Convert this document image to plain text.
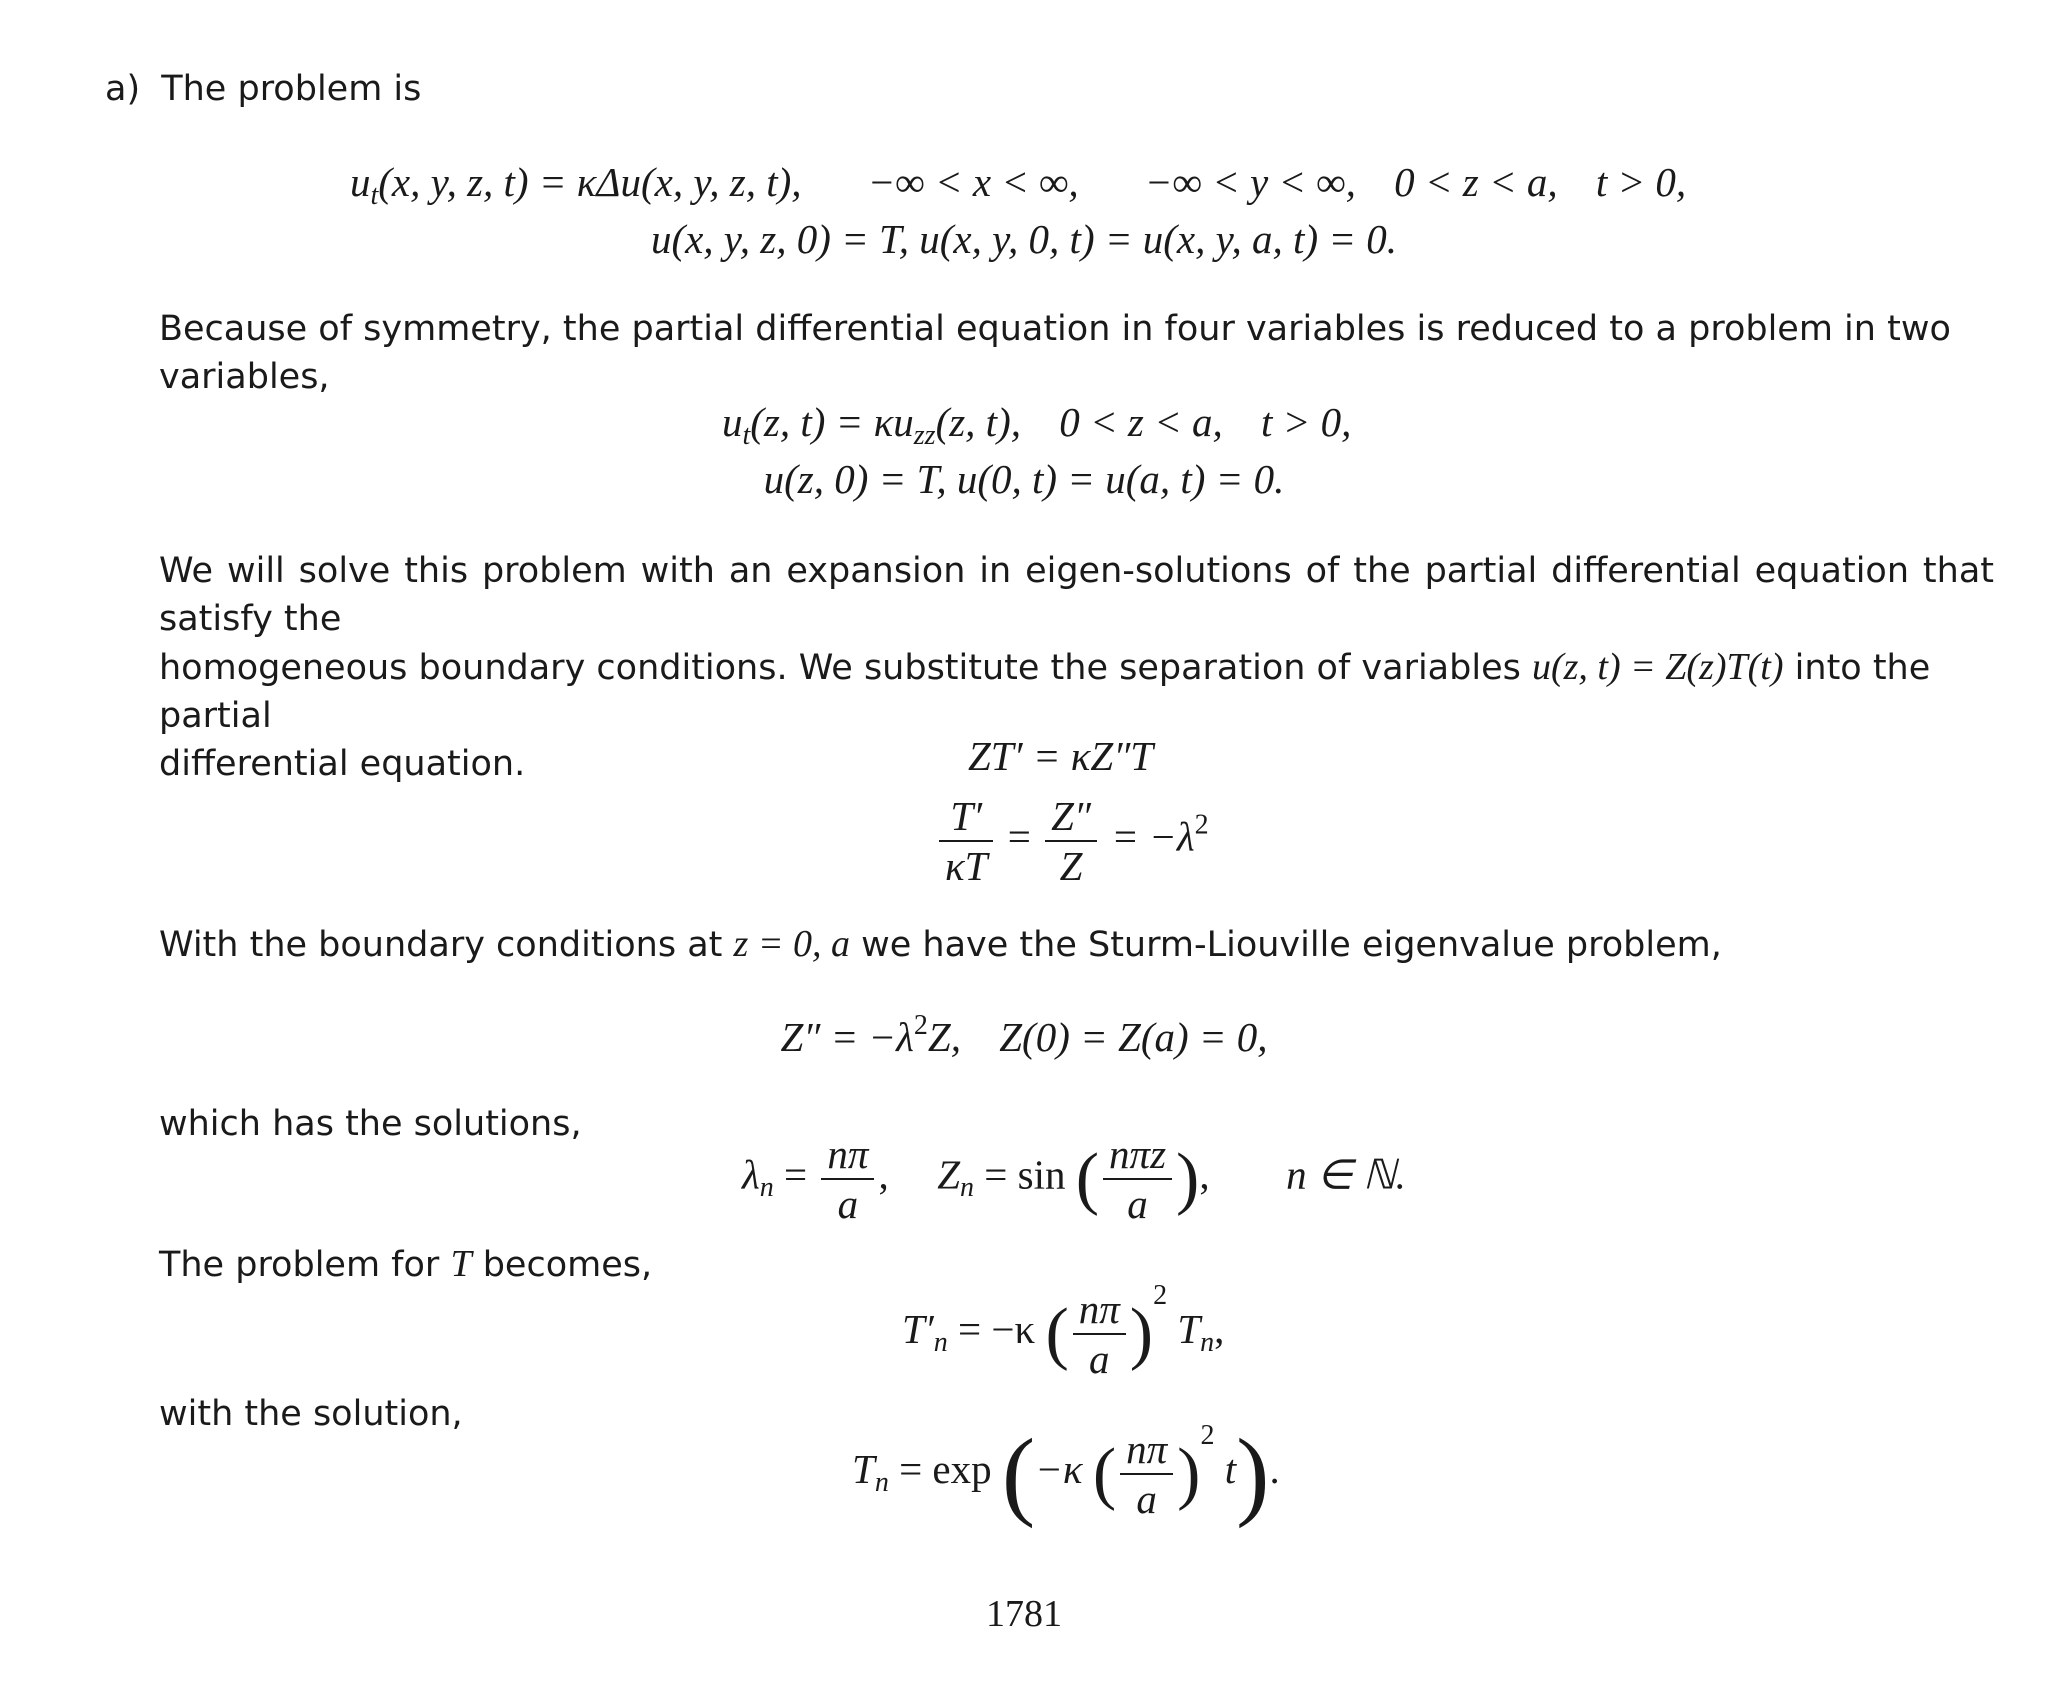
a) The problem is
$u_t(x$, y, z, t) = κΔu(x, y, z, t), −∞ < x < ∞, −∞ < y < ∞, 0 < z < a, t > 0,
u(x, y, z, 0) = T, u(x, y, 0, t) = u(x, y, a, t) = 0.
Because of symmetry, the partial differential equation in four variables is reduced to a problem in two variables,
$u_t(z$, $t) = \kappa u_{zz}(z$, t), 0 < z < a, t > 0,
u(z, 0) = T, u(0, t) = u(a, t) = 0.
We will solve this problem with an expansion in eigen-solutions of the partial differential equation that satisfy the
homogeneous boundary conditions. We substitute the separation of variables u(z, t) = Z(z)T(t) into the partial
differential equation.	ZT′ = κZ″T
$\frac{T'}{\kappa T} = \frac{Z''}{Z} = -\lambda^2$
With the boundary conditions at z = 0, a we have the Sturm-Liouville eigenvalue problem,
$Z'' = -\lambda^2Z$, Z(0) = Z(a) = 0,
which has the solutions,
$\lambda_n = \frac{n\pi}{a}$ , $Z_n = \sin$ ( $\frac{\text{nπz}}{a}$ ), n ∈ ℕ.
The problem for T becomes,
$T'_n = -\kappa$ ( $\frac{n\pi}{a} )^2$ $T_n$,
with the solution,
$T_n = \exp (-\kappa$ ( $\frac{n\pi}{a} )^2$ t).
1781
